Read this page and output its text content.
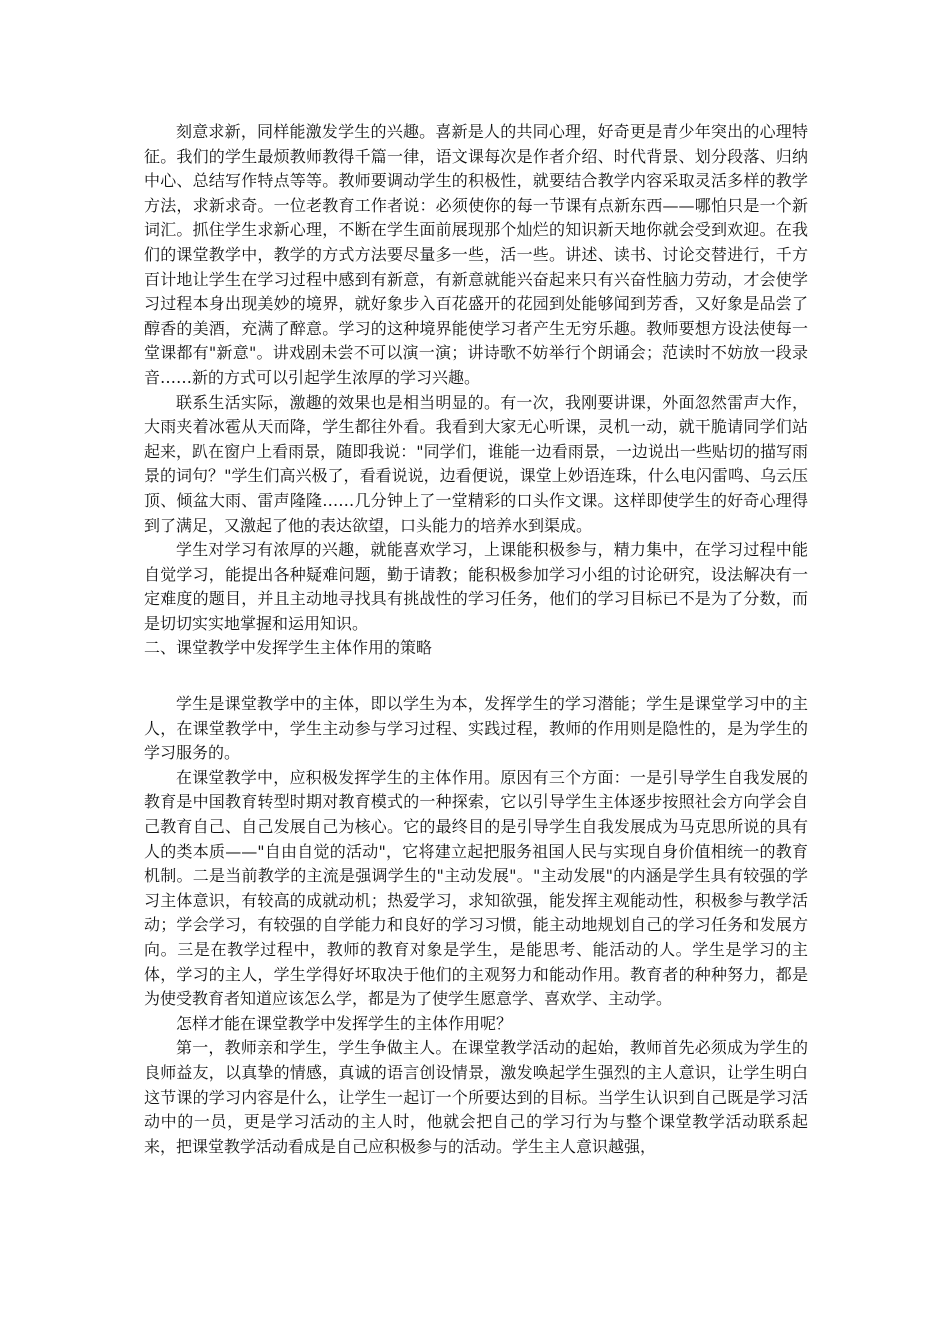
刻意求新，同样能激发学生的兴趣。喜新是人的共同心理，好奇更是青少年突出的心理特征。我们的学生最烦教师教得千篇一律，语文课每次是作者介绍、时代背景、划分段落、归纳中心、总结写作特点等等。教师要调动学生的积极性，就要结合教学内容采取灵活多样的教学方法，求新求奇。一位老教育工作者说：必须使你的每一节课有点新东西——哪怕只是一个新词汇。抓住学生求新心理，不断在学生面前展现那个灿烂的知识新天地你就会受到欢迎。在我们的课堂教学中，教学的方式方法要尽量多一些，活一些。讲述、读书、讨论交替进行，千方百计地让学生在学习过程中感到有新意，有新意就能兴奋起来只有兴奋性脑力劳动，才会使学习过程本身出现美妙的境界，就好象步入百花盛开的花园到处能够闻到芳香，又好象是品尝了醇香的美酒，充满了醉意。学习的这种境界能使学习者产生无穷乐趣。教师要想方设法使每一堂课都有"新意"。讲戏剧未尝不可以演一演；讲诗歌不妨举行个朗诵会；范读时不妨放一段录音……新的方式可以引起学生浓厚的学习兴趣。

联系生活实际，激趣的效果也是相当明显的。有一次，我刚要讲课，外面忽然雷声大作，大雨夹着冰雹从天而降，学生都往外看。我看到大家无心听课，灵机一动，就干脆请同学们站起来，趴在窗户上看雨景，随即我说："同学们，谁能一边看雨景，一边说出一些贴切的描写雨景的词句？"学生们高兴极了，看看说说，边看便说，课堂上妙语连珠，什么电闪雷鸣、乌云压顶、倾盆大雨、雷声隆隆……几分钟上了一堂精彩的口头作文课。这样即使学生的好奇心理得到了满足，又激起了他的表达欲望，口头能力的培养水到渠成。

学生对学习有浓厚的兴趣，就能喜欢学习，上课能积极参与，精力集中，在学习过程中能自觉学习，能提出各种疑难问题，勤于请教；能积极参加学习小组的讨论研究，设法解决有一定难度的题目，并且主动地寻找具有挑战性的学习任务，他们的学习目标已不是为了分数，而是切切实实地掌握和运用知识。

二、课堂教学中发挥学生主体作用的策略

学生是课堂教学中的主体，即以学生为本，发挥学生的学习潜能；学生是课堂学习中的主人，在课堂教学中，学生主动参与学习过程、实践过程，教师的作用则是隐性的，是为学生的学习服务的。

在课堂教学中，应积极发挥学生的主体作用。原因有三个方面：一是引导学生自我发展的教育是中国教育转型时期对教育模式的一种探索，它以引导学生主体逐步按照社会方向学会自己教育自己、自己发展自己为核心。它的最终目的是引导学生自我发展成为马克思所说的具有人的类本质——"自由自觉的活动"，它将建立起把服务祖国人民与实现自身价值相统一的教育机制。二是当前教学的主流是强调学生的"主动发展"。"主动发展"的内涵是学生具有较强的学习主体意识，有较高的成就动机；热爱学习，求知欲强，能发挥主观能动性，积极参与教学活动；学会学习，有较强的自学能力和良好的学习习惯，能主动地规划自己的学习任务和发展方向。三是在教学过程中，教师的教育对象是学生，是能思考、能活动的人。学生是学习的主体，学习的主人，学生学得好坏取决于他们的主观努力和能动作用。教育者的种种努力，都是为使受教育者知道应该怎么学，都是为了使学生愿意学、喜欢学、主动学。

怎样才能在课堂教学中发挥学生的主体作用呢？

第一，教师亲和学生，学生争做主人。在课堂教学活动的起始，教师首先必须成为学生的良师益友，以真挚的情感，真诚的语言创设情景，激发唤起学生强烈的主人意识，让学生明白这节课的学习内容是什么，让学生一起订一个所要达到的目标。当学生认识到自己既是学习活动中的一员，更是学习活动的主人时，他就会把自己的学习行为与整个课堂教学活动联系起来，把课堂教学活动看成是自己应积极参与的活动。学生主人意识越强，
